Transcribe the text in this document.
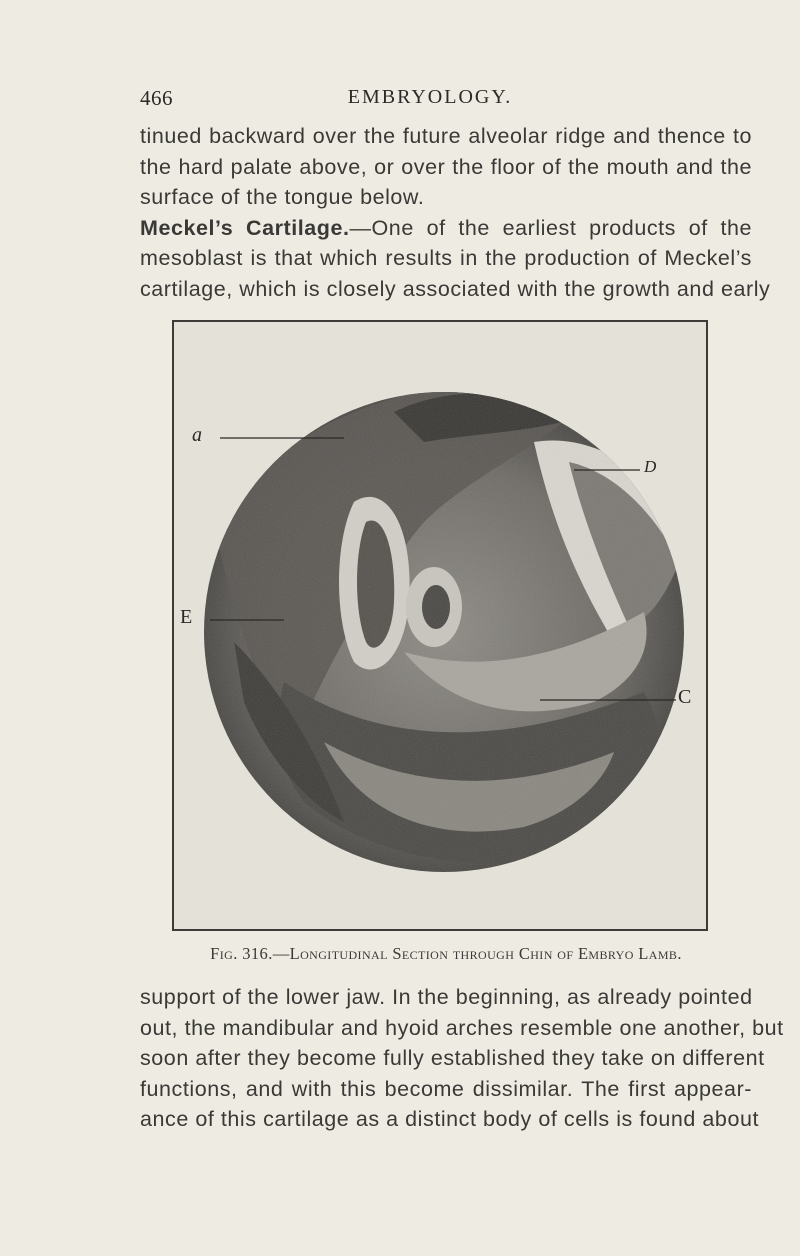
466	EMBRYOLOGY.
tinued backward over the future alveolar ridge and thence to
the hard palate above, or over the floor of the mouth and the
surface of the tongue below.
Meckel’s Cartilage.—One of the earliest products of the
mesoblast is that which results in the production of Meckel’s
cartilage, which is closely associated with the growth and early
a
D
E
C
Fig. 316.—Longitudinal Section through Chin of Embryo Lamb.
support of the lower jaw. In the beginning, as already pointed
out, the mandibular and hyoid arches resemble one another, but
soon after they become fully established they take on different
functions, and with this become dissimilar. The first appear-
ance of this cartilage as a distinct body of cells is found about
